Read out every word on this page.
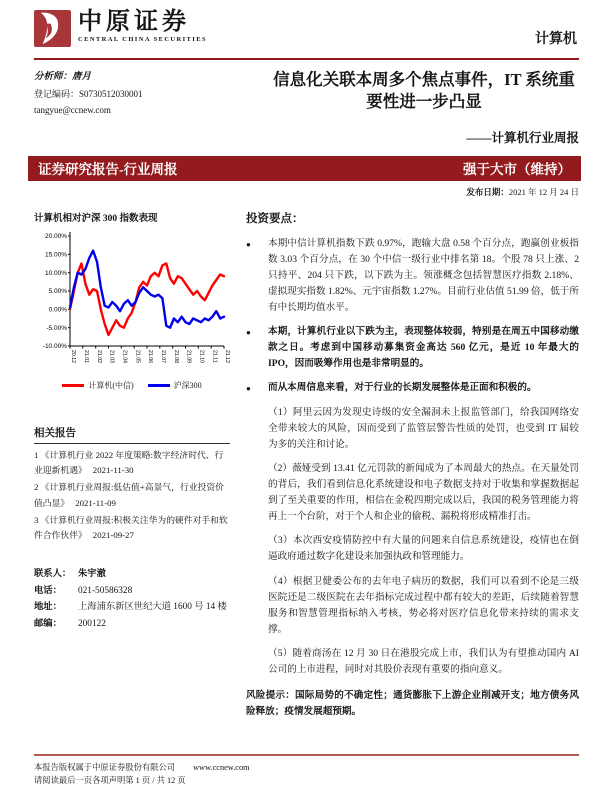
中原证券
CENTRAL CHINA SECURITIES	计算机
分析师：唐月
登记编码：S0730512030001
tangyue@ccnew.com
信息化关联本周多个焦点事件，IT 系统重要性进一步凸显
——计算机行业周报
证券研究报告-行业周报	强于大市（维持）
发布日期：2021 年 12 月 24 日
计算机相对沪深 300 指数表现
20.00%
15.00%
10.00%
5.00%
0.00%
-5.00%
-10.00%
20.12 21.01 21.02 21.03 21.04 21.05 21.06 21.07 21.08 21.09 21.10 21.11 21.12
计算机(中信)	沪深300
相关报告
1 《计算机行业 2022 年度策略:数字经济时代、行业迎新机遇》 2021-11-30
2 《计算机行业周报:低估值+高景气，行业投资价值凸显》 2021-11-09
3 《计算机行业周报:积极关注华为的硬件对手和软件合作伙伴》 2021-09-27
联系人： 朱宇澈
电话：	021-50586328
地址：	上海浦东新区世纪大道 1600 号 14 楼
邮编：	200122
投资要点：
●	本期中信计算机指数下跌 0.97%，跑输大盘 0.58 个百分点，跑赢创业板指数 3.03 个百分点，在 30 个中信一级行业中排名第 18。个股 78 只上涨、2 只持平、204 只下跌，以下跌为主。领涨概念包括智慧医疗指数 2.18%、虚拟现实指数 1.82%、元宇宙指数 1.27%。目前行业估值 51.99 倍，低于所有中长期均值水平。
●	本期，计算机行业以下跌为主，表现整体较弱，特别是在周五中国移动缴款之日。考虑到中国移动募集资金高达 560 亿元，是近 10 年最大的 IPO，因而吸筹作用也是非常明显的。
●	而从本周信息来看，对于行业的长期发展整体是正面和积极的。

（1）阿里云因为发现史诗级的安全漏洞未上报监管部门，给我国网络安全带来较大的风险，因而受到了监管层警告性质的处罚，也受到 IT 届较为多的关注和讨论。

（2）薇娅受到 13.41 亿元罚款的新闻成为了本周最大的热点。在天量处罚的背后，我们看到信息化系统建设和电子数据支持对于收集和掌握数据起到了至关重要的作用，相信在金税四期完成以后，我国的税务管理能力将再上一个台阶，对于个人和企业的偷税、漏税将形成精准打击。

（3）本次西安疫情防控中有大量的问题来自信息系统建设，疫情也在倒逼政府通过数字化建设来加强执政和管理能力。

（4）根据卫健委公布的去年电子病历的数据，我们可以看到不论是三级医院还是二级医院在去年指标完成过程中都有较大的差距，后续随着智慧服务和智慧管理指标纳入考核，势必将对医疗信息化带来持续的需求支撑。

（5）随着商汤在 12 月 30 日在港股完成上市，我们认为有望推动国内 AI 公司的上市进程，同时对其股价表现有重要的指向意义。

风险提示：国际局势的不确定性；通货膨胀下上游企业削减开支；地方债务风险释放；疫情发展超预期。

本报告版权属于中原证券股份有限公司 www.ccnew.com
请阅读最后一页各项声明第 1 页 / 共 12 页
